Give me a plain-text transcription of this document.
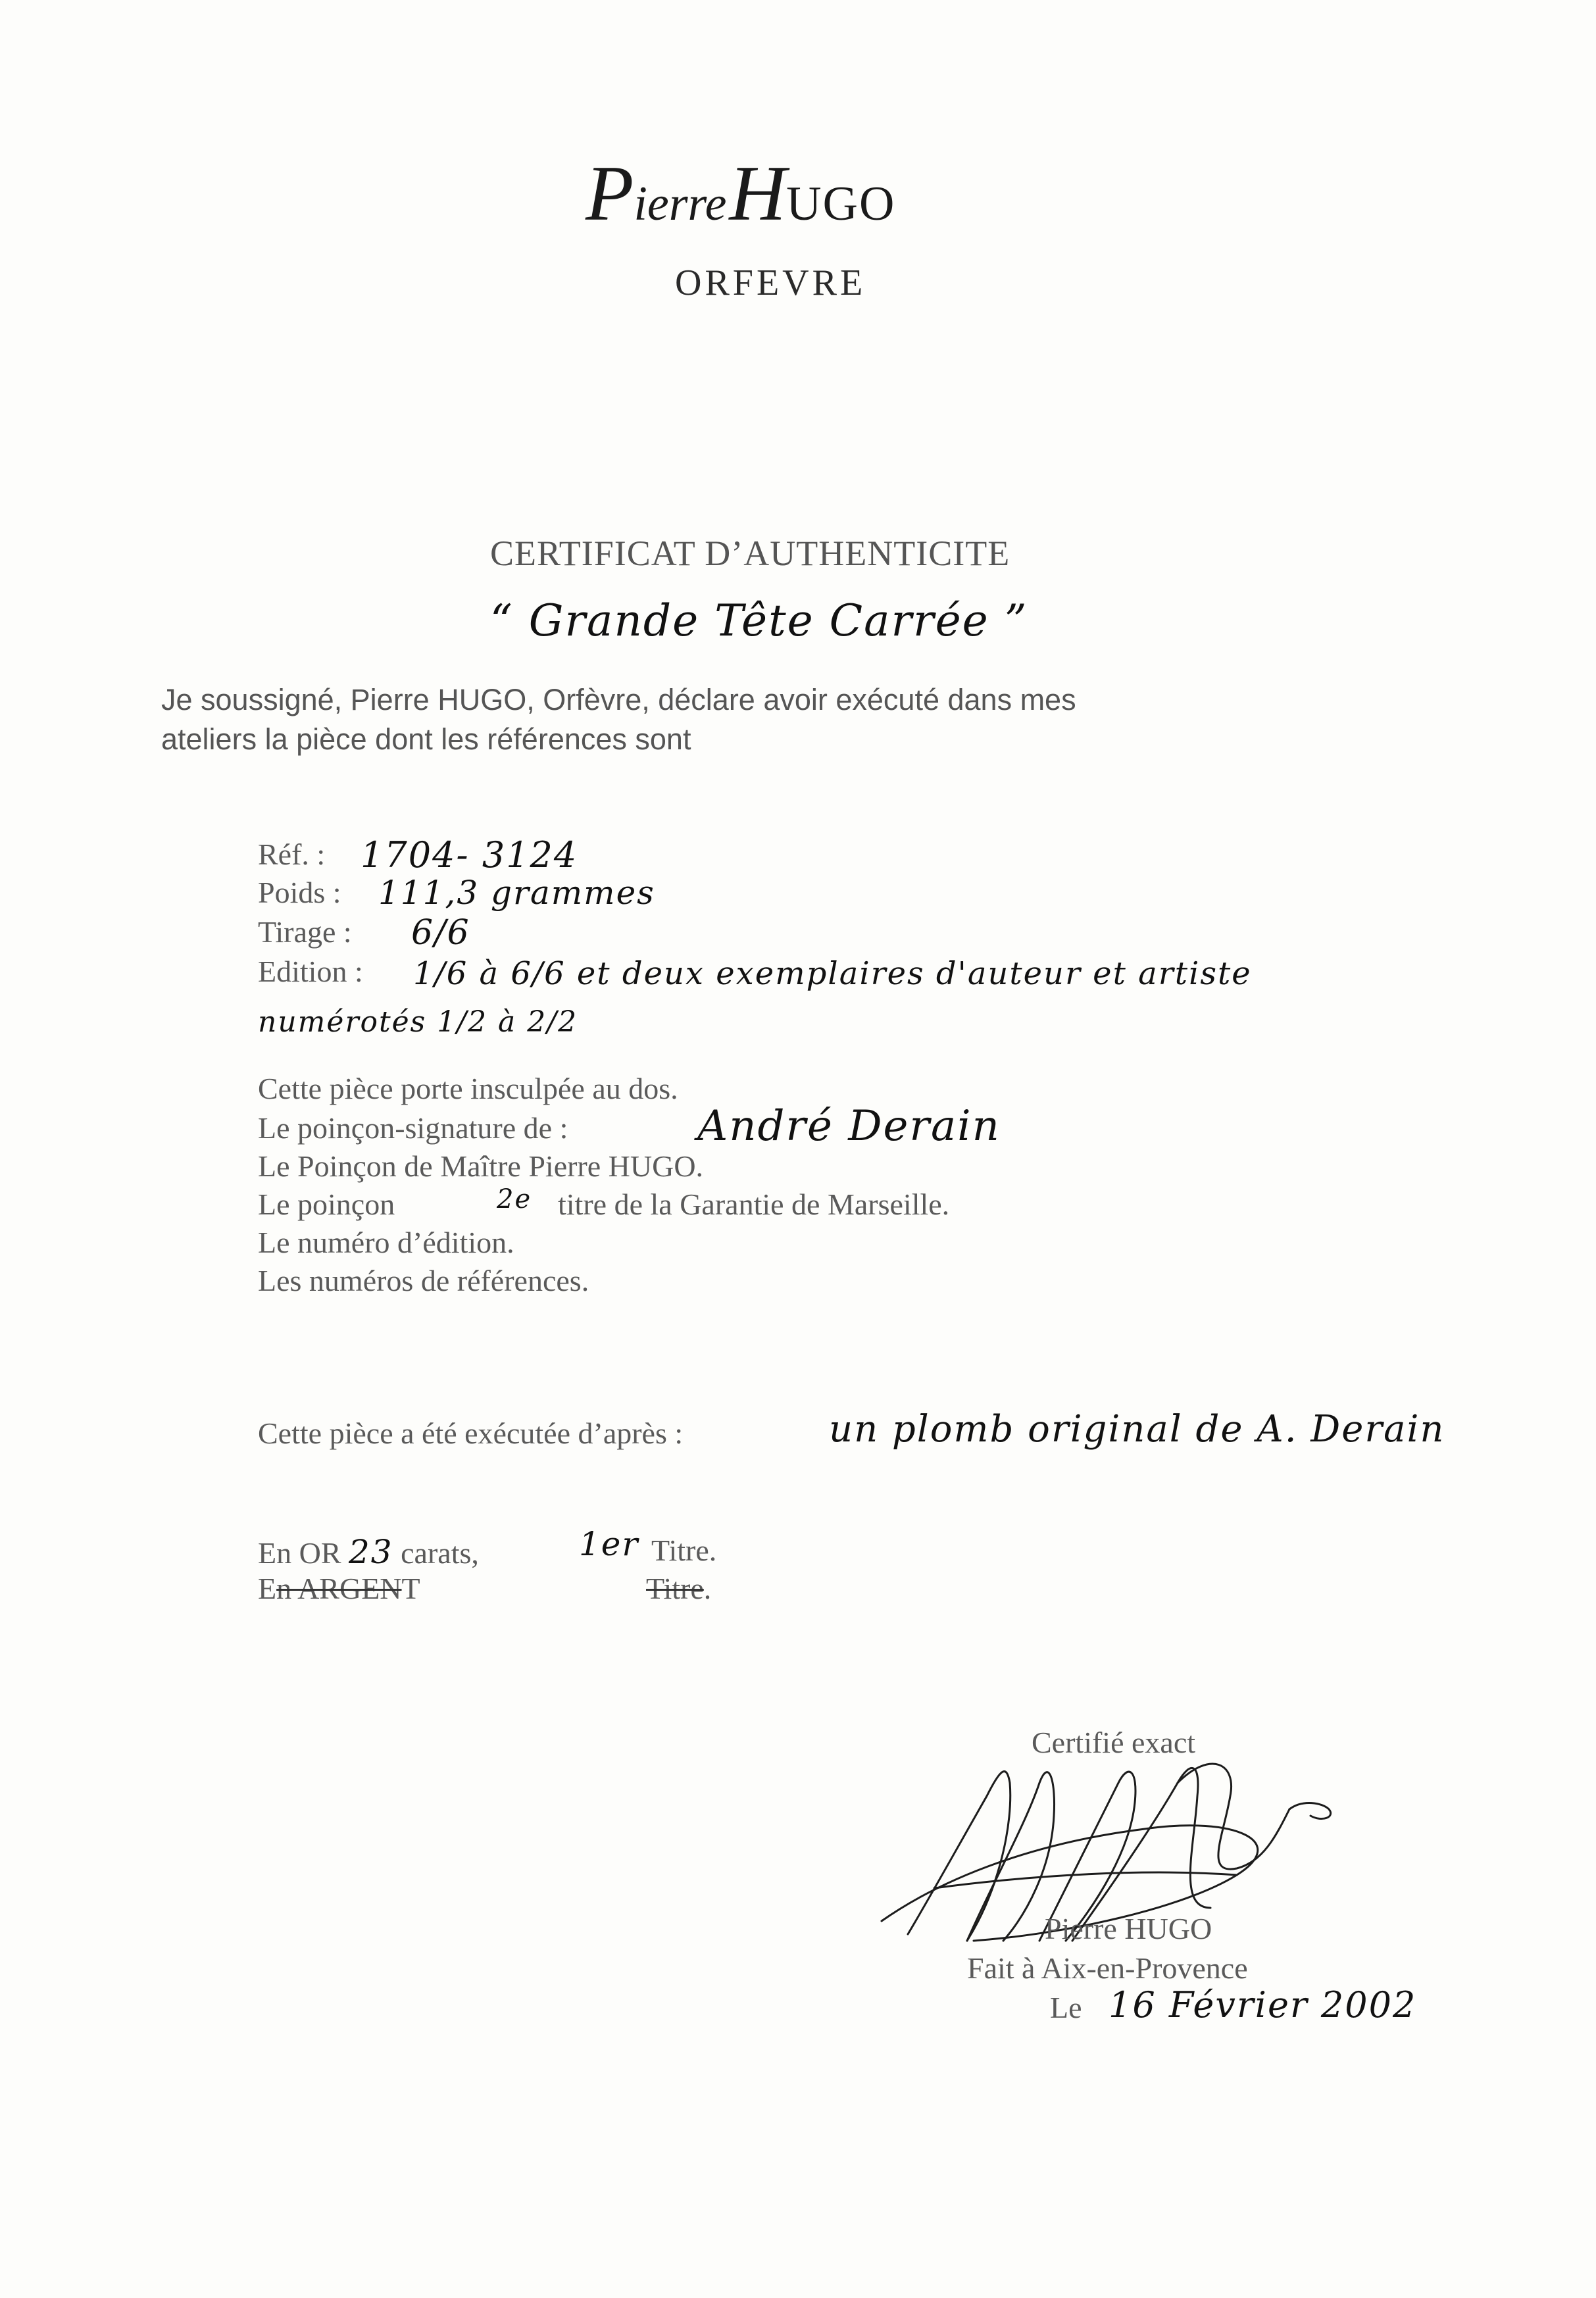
Pierre HUGO
ORFEVRE
CERTIFICAT D’AUTHENTICITE
“ Grande Tête Carrée ”
Je soussigné, Pierre HUGO, Orfèvre, déclare avoir exécuté dans mes
ateliers la pièce dont les références sont
Réf. : 1704- 3124
Poids : 111,3 grammes
Tirage : 6/6
Edition : 1/6 à 6/6 et deux exemplaires d'auteur et artiste
numérotés 1/2 à 2/2
Cette pièce porte insculpée au dos.
Le poinçon-signature de :	André Derain
Le Poinçon de Maître Pierre HUGO.
Le poinçon	2e titre de la Garantie de Marseille.
Le numéro d’édition.
Les numéros de références.
Cette pièce a été exécutée d’après :	un plomb original de A. Derain
En OR 23 carats,	1er Titre.
En ARGENT	Titre.
Certifié exact
Pierre HUGO
Fait à Aix-en-Provence
Le 16 Février 2002
